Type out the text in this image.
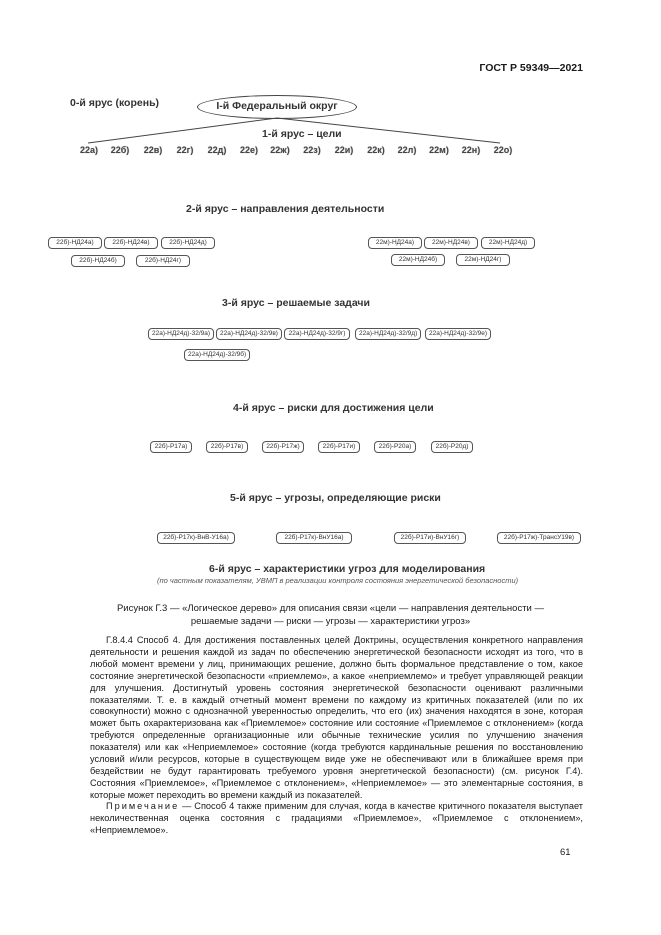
ГОСТ Р 59349—2021
0-й ярус (корень)	I-й Федеральный округ
1-й ярус – цели
22a)	22б)	22в)	22г)	22д)	22е)	22ж)	22з)	22и)	22к)	22л)	22м)	22н)	22о)
2-й ярус – направления деятельности
22б)-НД24а)	22б)-НД24в)	22б)-НД24д)
22б)-НД24б)	22б)-НД24г)
22м)-НД24а)	22м)-НД24в)	22м)-НД24д)
22м)-НД24б)	22м)-НД24г)
3-й ярус – решаемые задачи
22а)-НД24д)-32/9а)	22а)-НД24д)-32/9в)	22а)-НД24д)-32/9г)	22а)-НД24д)-32/9д)	22а)-НД24д)-32/9е)
22а)-НД24д)-32/9б)
4-й ярус – риски для достижения цели
22б)-Р17а)	22б)-Р17в)	22б)-Р17ж)	22б)-Р17и)	22б)-Р20а)	22б)-Р20д)
5-й ярус – угрозы, определяющие риски
22б)-Р17к)-ВнВ-У16а)	22б)-Р17к)-ВнУ16а)	22б)-Р17и)-ВнУ16г)	22б)-Р17ж)-ТрансУ19в)
6-й ярус – характеристики угроз для моделирования
(по частным показателям, УВМП в реализации контроля состояния энергетической безопасности)
Рисунок Г.3 — «Логическое дерево» для описания связи «цели — направления деятельности —
решаемые задачи — риски — угрозы — характеристики угроз»
Г.8.4.4 Способ 4. Для достижения поставленных целей Доктрины, осуществления конкретного направления деятельности и решения каждой из задач по обеспечению энергетической безопасности исходят из того, что в любой момент времени у лиц, принимающих решение, должно быть формальное представление о том, какое состояние энергетической безопасности «приемлемо», а какое «неприемлемо» и требует управляющей реакции для улучшения. Достигнутый уровень состояния энергетической безопасности оценивают различными показателями. Т. е. в каждый отчетный момент времени по каждому из критичных показателей (или по их совокупности) можно с однозначной уверенностью определить, что его (их) значения находятся в зоне, которая может быть охарактеризована как «Приемлемое» состояние или состояние «Приемлемое с отклонением» (когда требуются определенные организационные или обычные технические усилия по улучшению значения показателя) или как «Неприемлемое» состояние (когда требуются кардинальные решения по восстановлению условий и/или ресурсов, которые в существующем виде уже не обеспечивают или в ближайшее время при бездействии не будут гарантировать требуемого уровня энергетической безопасности) (см. рисунок Г.4). Состояния «Приемлемое», «Приемлемое с отклонением», «Неприемлемое» — это элементарные состояния, в которые может переходить во времени каждый из показателей.
Примечание — Способ 4 также применим для случая, когда в качестве критичного показателя выступает неколичественная оценка состояния с градациями «Приемлемое», «Приемлемое с отклонением», «Неприемлемое».
61
